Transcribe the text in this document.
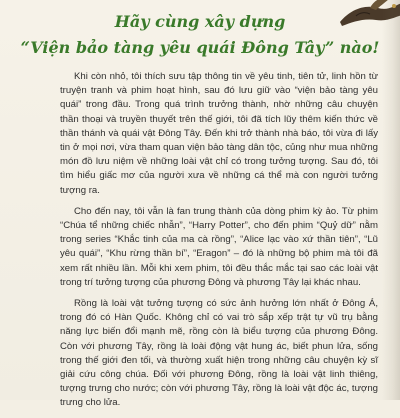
Hãy cùng xây dựng
“Viện bảo tàng yêu quái Đông Tây” nào!

Khi còn nhỏ, tôi thích sưu tập thông tin về yêu tinh, tiên tử, linh hồn từ truyện tranh và phim hoạt hình, sau đó lưu giữ vào “viện bảo tàng yêu quái” trong đầu. Trong quá trình trưởng thành, nhờ những câu chuyện thần thoại và truyền thuyết trên thế giới, tôi đã tích lũy thêm kiến thức về thần thánh và quái vật Đông Tây. Đến khi trở thành nhà báo, tôi vừa đi lấy tin ở mọi nơi, vừa tham quan viện bảo tàng dân tộc, củng như mua những món đồ lưu niệm về những loài vật chỉ có trong tưởng tượng. Sau đó, tôi tìm hiểu giấc mơ của người xưa về những cá thể mà con người tưởng tượng ra.

Cho đến nay, tôi vẫn là fan trung thành của dòng phim kỳ ảo. Từ phim “Chúa tể những chiếc nhẫn”, “Harry Potter”, cho đến phim “Quỷ dữ” nằm trong series “Khắc tinh của ma cà rồng”, “Alice lạc vào xứ thần tiên”, “Lũ yêu quái”, “Khu rừng thần bí”, “Eragon” – đó là những bộ phim mà tôi đã xem rất nhiều lần. Mỗi khi xem phim, tôi đều thắc mắc tại sao các loài vật trong trí tưởng tượng của phương Đông và phương Tây lại khác nhau.

Rồng là loài vật tưởng tượng có sức ảnh hưởng lớn nhất ở Đông Á, trong đó có Hàn Quốc. Không chỉ có vai trò sắp xếp trật tự vũ trụ bằng năng lực biến đổi mạnh mẽ, rồng còn là biểu tượng của phương Đông. Còn với phương Tây, rồng là loài động vật hung ác, biết phun lửa, sống trong thế giới đen tối, và thường xuất hiện trong những câu chuyện kỳ sĩ giải cứu công chúa. Đối với phương Đông, rồng là loài vật linh thiêng, tượng trưng cho nước; còn với phương Tây, rồng là loài vật độc ác, tượng trưng cho lửa.
